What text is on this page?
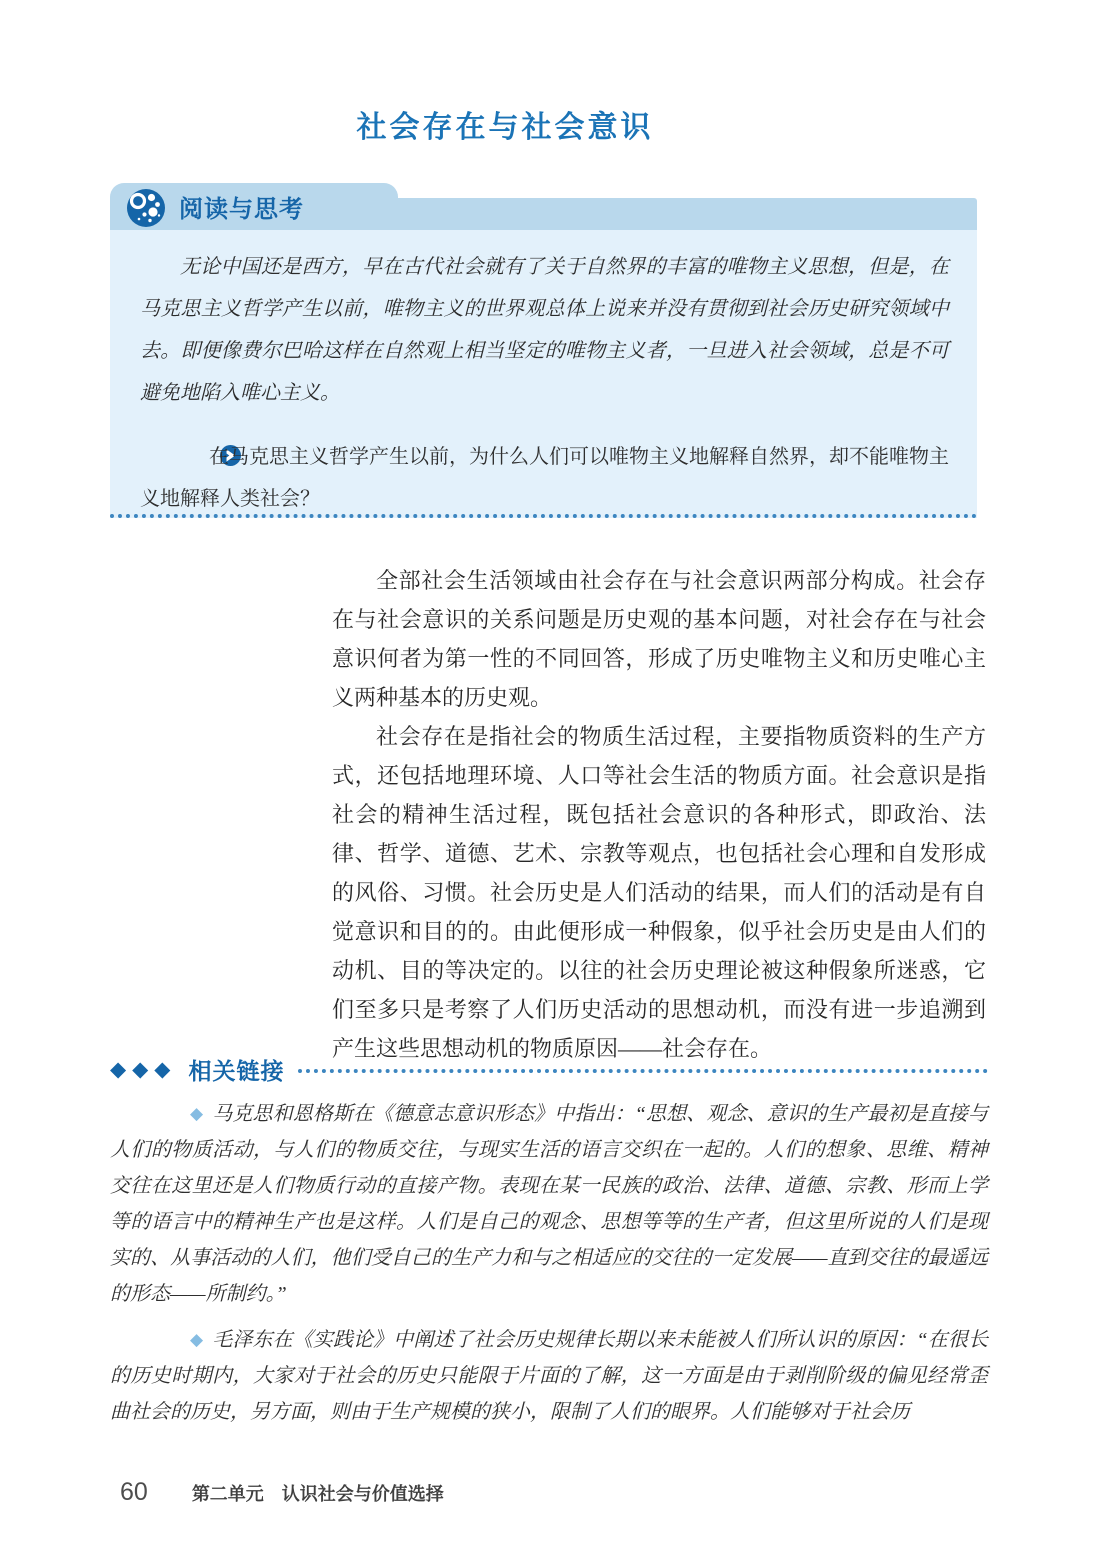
社会存在与社会意识
阅读与思考

无论中国还是西方，早在古代社会就有了关于自然界的丰富的唯物主义思想，但是，在马克思主义哲学产生以前，唯物主义的世界观总体上说来并没有贯彻到社会历史研究领域中去。即便像费尔巴哈这样在自然观上相当坚定的唯物主义者，一旦进入社会领域，总是不可避免地陷入唯心主义。

在马克思主义哲学产生以前，为什么人们可以唯物主义地解释自然界，却不能唯物主义地解释人类社会？

全部社会生活领域由社会存在与社会意识两部分构成。社会存在与社会意识的关系问题是历史观的基本问题，对社会存在与社会意识何者为第一性的不同回答，形成了历史唯物主义和历史唯心主义两种基本的历史观。

社会存在是指社会的物质生活过程，主要指物质资料的生产方式，还包括地理环境、人口等社会生活的物质方面。社会意识是指社会的精神生活过程，既包括社会意识的各种形式，即政治、法律、哲学、道德、艺术、宗教等观点，也包括社会心理和自发形成的风俗、习惯。社会历史是人们活动的结果，而人们的活动是有自觉意识和目的的。由此便形成一种假象，似乎社会历史是由人们的动机、目的等决定的。以往的社会历史理论被这种假象所迷惑，它们至多只是考察了人们历史活动的思想动机，而没有进一步追溯到产生这些思想动机的物质原因——社会存在。

◆◆◆ 相关链接

◆ 马克思和恩格斯在《德意志意识形态》中指出：“思想、观念、意识的生产最初是直接与人们的物质活动，与人们的物质交往，与现实生活的语言交织在一起的。人们的想象、思维、精神交往在这里还是人们物质行动的直接产物。表现在某一民族的政治、法律、道德、宗教、形而上学等的语言中的精神生产也是这样。人们是自己的观念、思想等等的生产者，但这里所说的人们是现实的、从事活动的人们，他们受自己的生产力和与之相适应的交往的一定发展——直到交往的最遥远的形态——所制约。”

◆ 毛泽东在《实践论》中阐述了社会历史规律长期以来未能被人们所认识的原因：“在很长的历史时期内，大家对于社会的历史只能限于片面的了解，这一方面是由于剥削阶级的偏见经常歪曲社会的历史，另方面，则由于生产规模的狭小，限制了人们的眼界。人们能够对于社会历

60 第二单元　认识社会与价值选择
